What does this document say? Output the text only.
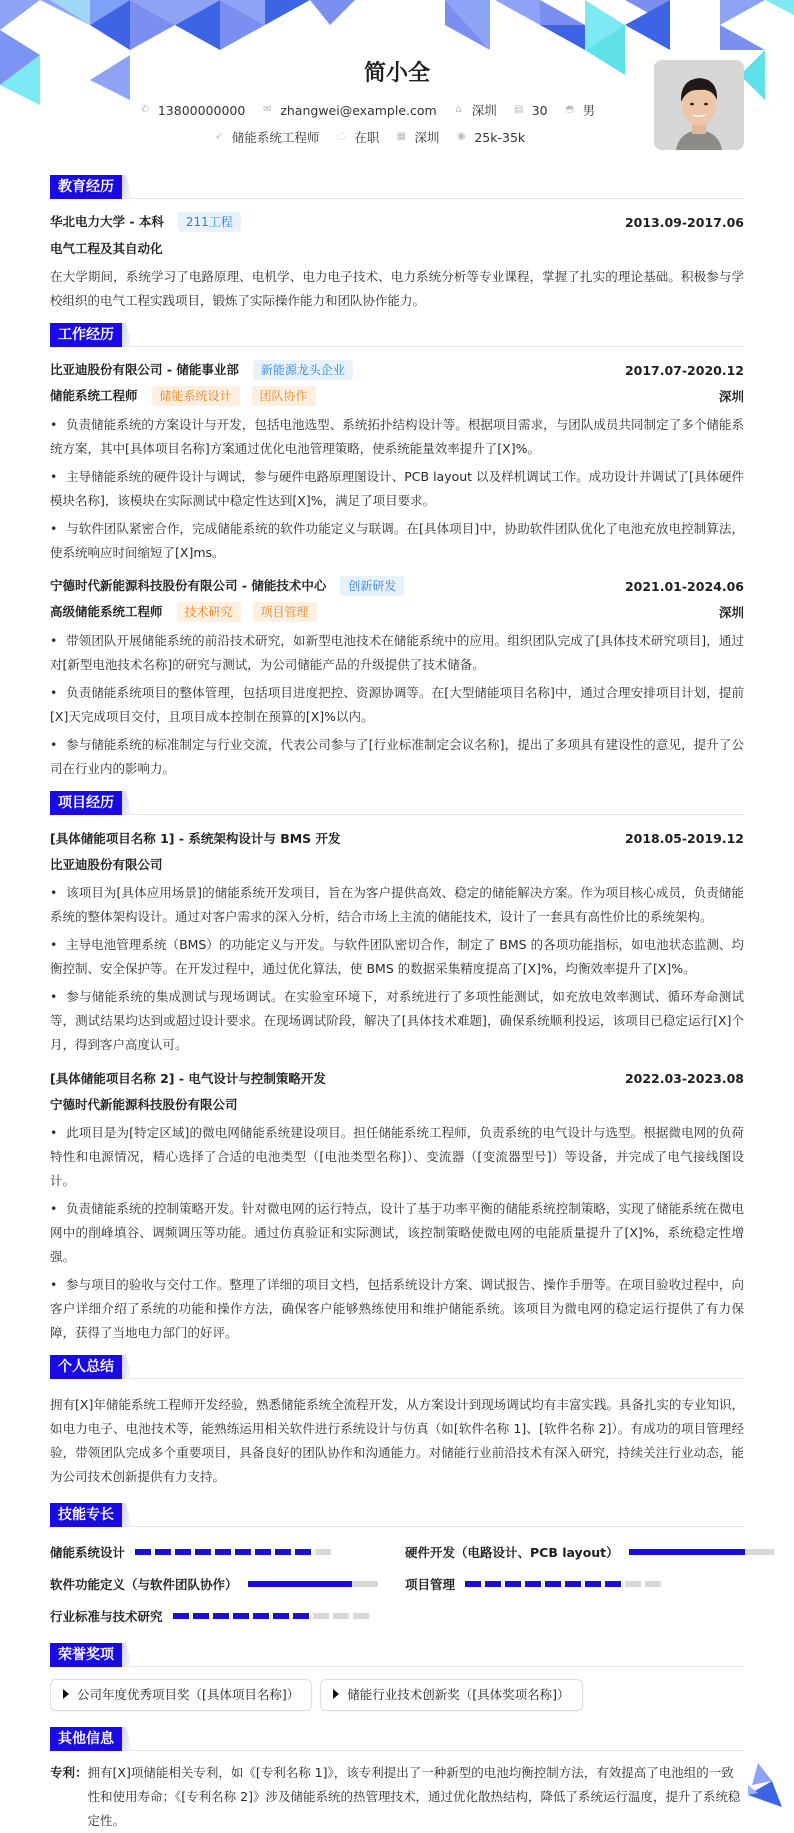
简小全
✆ 13800000000 ✉ zhangwei@example.com ⌂ 深圳 ▤ 30 ◓ 男
➶ 储能系统工程师 ◌ 在职 ▦ 深圳 ◉ 25k-35k
教育经历
华北电力大学 - 本科 211工程	2013.09-2017.06
电气工程及其自动化

在大学期间，系统学习了电路原理、电机学、电力电子技术、电力系统分析等专业课程，掌握了扎实的理论基础。积极参与学校组织的电气工程实践项目，锻炼了实际操作能力和团队协作能力。

工作经历
比亚迪股份有限公司 - 储能事业部 新能源龙头企业	2017.07-2020.12
储能系统工程师 储能系统设计 团队协作	深圳
• 负责储能系统的方案设计与开发，包括电池选型、系统拓扑结构设计等。根据项目需求，与团队成员共同制定了多个储能系统方案，其中[具体项目名称]方案通过优化电池管理策略，使系统能量效率提升了[X]%。
• 主导储能系统的硬件设计与调试，参与硬件电路原理图设计、PCB layout 以及样机调试工作。成功设计并调试了[具体硬件模块名称]，该模块在实际测试中稳定性达到[X]%，满足了项目要求。
• 与软件团队紧密合作，完成储能系统的软件功能定义与联调。在[具体项目]中，协助软件团队优化了电池充放电控制算法，使系统响应时间缩短了[X]ms。
宁德时代新能源科技股份有限公司 - 储能技术中心 创新研发	2021.01-2024.06
高级储能系统工程师 技术研究 项目管理	深圳
• 带领团队开展储能系统的前沿技术研究，如新型电池技术在储能系统中的应用。组织团队完成了[具体技术研究项目]，通过对[新型电池技术名称]的研究与测试，为公司储能产品的升级提供了技术储备。
• 负责储能系统项目的整体管理，包括项目进度把控、资源协调等。在[大型储能项目名称]中，通过合理安排项目计划，提前[X]天完成项目交付，且项目成本控制在预算的[X]%以内。
• 参与储能系统的标准制定与行业交流，代表公司参与了[行业标准制定会议名称]，提出了多项具有建设性的意见，提升了公司在行业内的影响力。
项目经历
[具体储能项目名称 1] - 系统架构设计与 BMS 开发	2018.05-2019.12
比亚迪股份有限公司
• 该项目为[具体应用场景]的储能系统开发项目，旨在为客户提供高效、稳定的储能解决方案。作为项目核心成员，负责储能系统的整体架构设计。通过对客户需求的深入分析，结合市场上主流的储能技术，设计了一套具有高性价比的系统架构。
• 主导电池管理系统（BMS）的功能定义与开发。与软件团队密切合作，制定了 BMS 的各项功能指标，如电池状态监测、均衡控制、安全保护等。在开发过程中，通过优化算法，使 BMS 的数据采集精度提高了[X]%，均衡效率提升了[X]%。
• 参与储能系统的集成测试与现场调试。在实验室环境下，对系统进行了多项性能测试，如充放电效率测试、循环寿命测试等，测试结果均达到或超过设计要求。在现场调试阶段，解决了[具体技术难题]，确保系统顺利投运，该项目已稳定运行[X]个月，得到客户高度认可。
[具体储能项目名称 2] - 电气设计与控制策略开发	2022.03-2023.08
宁德时代新能源科技股份有限公司
• 此项目是为[特定区域]的微电网储能系统建设项目。担任储能系统工程师，负责系统的电气设计与选型。根据微电网的负荷特性和电源情况，精心选择了合适的电池类型（[电池类型名称]）、变流器（[变流器型号]）等设备，并完成了电气接线图设计。
• 负责储能系统的控制策略开发。针对微电网的运行特点，设计了基于功率平衡的储能系统控制策略，实现了储能系统在微电网中的削峰填谷、调频调压等功能。通过仿真验证和实际测试，该控制策略使微电网的电能质量提升了[X]%，系统稳定性增强。
• 参与项目的验收与交付工作。整理了详细的项目文档，包括系统设计方案、调试报告、操作手册等。在项目验收过程中，向客户详细介绍了系统的功能和操作方法，确保客户能够熟练使用和维护储能系统。该项目为微电网的稳定运行提供了有力保障，获得了当地电力部门的好评。
个人总结

拥有[X]年储能系统工程师开发经验，熟悉储能系统全流程开发，从方案设计到现场调试均有丰富实践。具备扎实的专业知识，如电力电子、电池技术等，能熟练运用相关软件进行系统设计与仿真（如[软件名称 1]、[软件名称 2]）。有成功的项目管理经验，带领团队完成多个重要项目，具备良好的团队协作和沟通能力。对储能行业前沿技术有深入研究，持续关注行业动态，能为公司技术创新提供有力支持。

技能专长
储能系统设计	硬件开发（电路设计、PCB layout）
软件功能定义（与软件团队协作）	项目管理
行业标准与技术研究
荣誉奖项
公司年度优秀项目奖（[具体项目名称]）	储能行业技术创新奖（[具体奖项名称]）
其他信息
专利： 拥有[X]项储能相关专利，如《[专利名称 1]》，该专利提出了一种新型的电池均衡控制方法，有效提高了电池组的一致性和使用寿命；《[专利名称 2]》涉及储能系统的热管理技术，通过优化散热结构，降低了系统运行温度，提升了系统稳定性。
